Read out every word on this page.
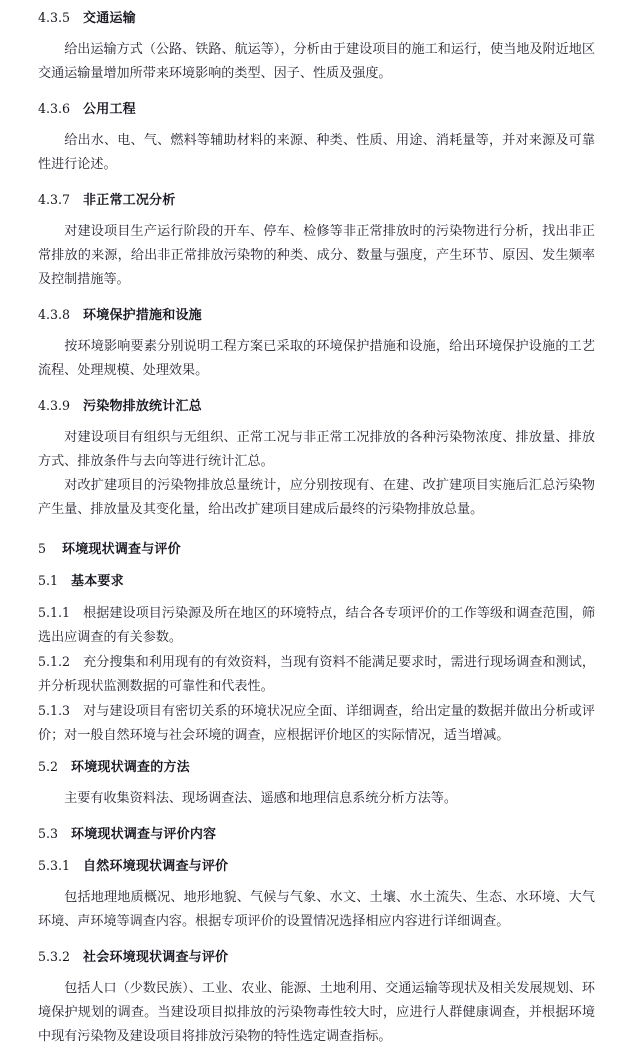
4.3.5 交通运输

给出运输方式（公路、铁路、航运等），分析由于建设项目的施工和运行，使当地及附近地区交通运输量增加所带来环境影响的类型、因子、性质及强度。

4.3.6 公用工程

给出水、电、气、燃料等辅助材料的来源、种类、性质、用途、消耗量等，并对来源及可靠性进行论述。

4.3.7 非正常工况分析

对建设项目生产运行阶段的开车、停车、检修等非正常排放时的污染物进行分析，找出非正常排放的来源，给出非正常排放污染物的种类、成分、数量与强度，产生环节、原因、发生频率及控制措施等。

4.3.8 环境保护措施和设施

按环境影响要素分别说明工程方案已采取的环境保护措施和设施，给出环境保护设施的工艺流程、处理规模、处理效果。

4.3.9 污染物排放统计汇总

对建设项目有组织与无组织、正常工况与非正常工况排放的各种污染物浓度、排放量、排放方式、排放条件与去向等进行统计汇总。

对改扩建项目的污染物排放总量统计，应分别按现有、在建、改扩建项目实施后汇总污染物产生量、排放量及其变化量，给出改扩建项目建成后最终的污染物排放总量。

5 环境现状调查与评价
5.1 基本要求

5.1.1 根据建设项目污染源及所在地区的环境特点，结合各专项评价的工作等级和调查范围，筛选出应调查的有关参数。

5.1.2 充分搜集和利用现有的有效资料，当现有资料不能满足要求时，需进行现场调查和测试，并分析现状监测数据的可靠性和代表性。

5.1.3 对与建设项目有密切关系的环境状况应全面、详细调查，给出定量的数据并做出分析或评价；对一般自然环境与社会环境的调查，应根据评价地区的实际情况，适当增减。

5.2 环境现状调查的方法

主要有收集资料法、现场调查法、遥感和地理信息系统分析方法等。

5.3 环境现状调查与评价内容
5.3.1 自然环境现状调查与评价

包括地理地质概况、地形地貌、气候与气象、水文、土壤、水土流失、生态、水环境、大气环境、声环境等调查内容。根据专项评价的设置情况选择相应内容进行详细调查。

5.3.2 社会环境现状调查与评价

包括人口（少数民族）、工业、农业、能源、土地利用、交通运输等现状及相关发展规划、环境保护规划的调查。当建设项目拟排放的污染物毒性较大时，应进行人群健康调查，并根据环境中现有污染物及建设项目将排放污染物的特性选定调查指标。
